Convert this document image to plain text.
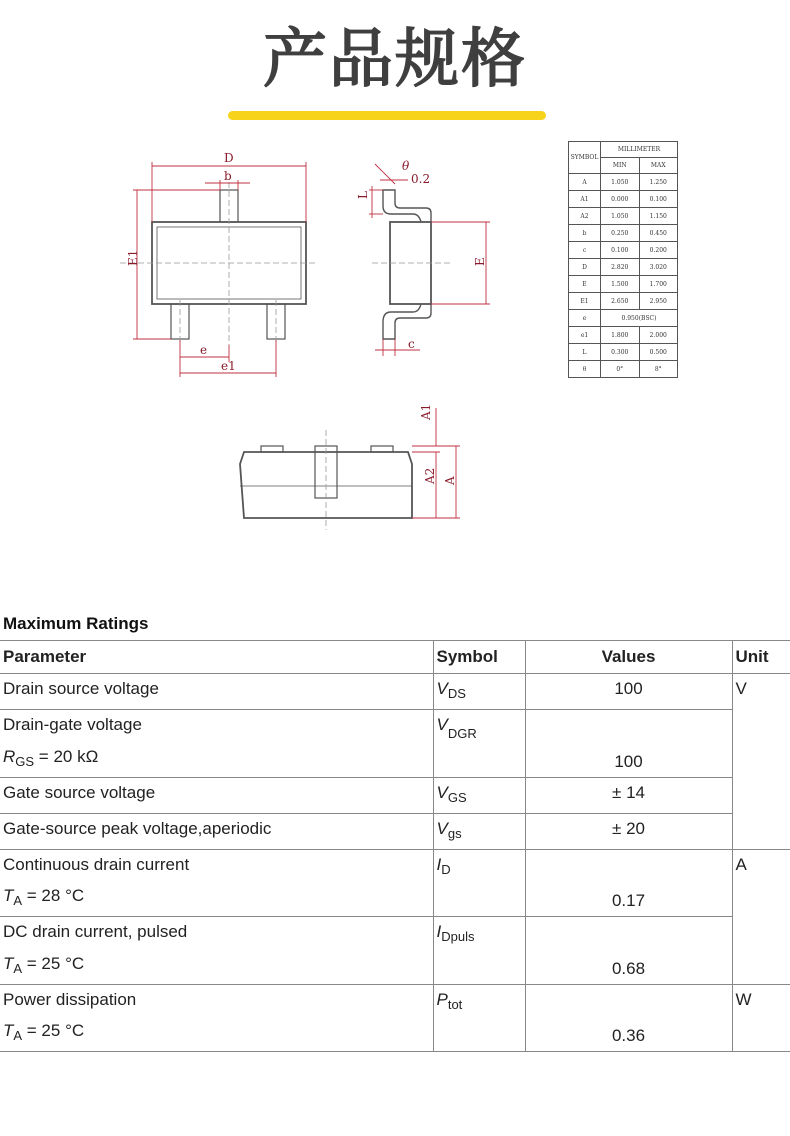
产品规格
D
b
E1
e
e1
θ
0.2
L
E
c
A1
A2 A
SYMBOL	MILLIMETER	
	MIN	MAX
A	1.050	1.250
A1	0.000	0.100
A2	1.050	1.150
b	0.250	0.450
c	0.100	0.200
D	2.820	3.020
E	1.500	1.700
E1	2.650	2.950
e	0.950(BSC)	
e1	1.800	2.000
L	0.300	0.500
θ	0°	8°
Maximum Ratings
Parameter	Symbol	Values	Unit
Drain source voltage	$V_{DS}$	100	V
Drain-gate voltage	$V_{DGR}$	100	
$R_{GS} = 20$ kΩ			
Gate source voltage	$V_{GS}$	± 14	
Gate-source peak voltage,aperiodic	$V_{gs}$	± 20	
Continuous drain current	$I_D$	0.17	A
$T_A = 28$ °C			
DC drain current, pulsed	$I_{Dpuls}$	0.68	
$T_A = 25$ °C			
Power dissipation	$P_{tot}$	0.36	W
$T_A = 25$ °C			
